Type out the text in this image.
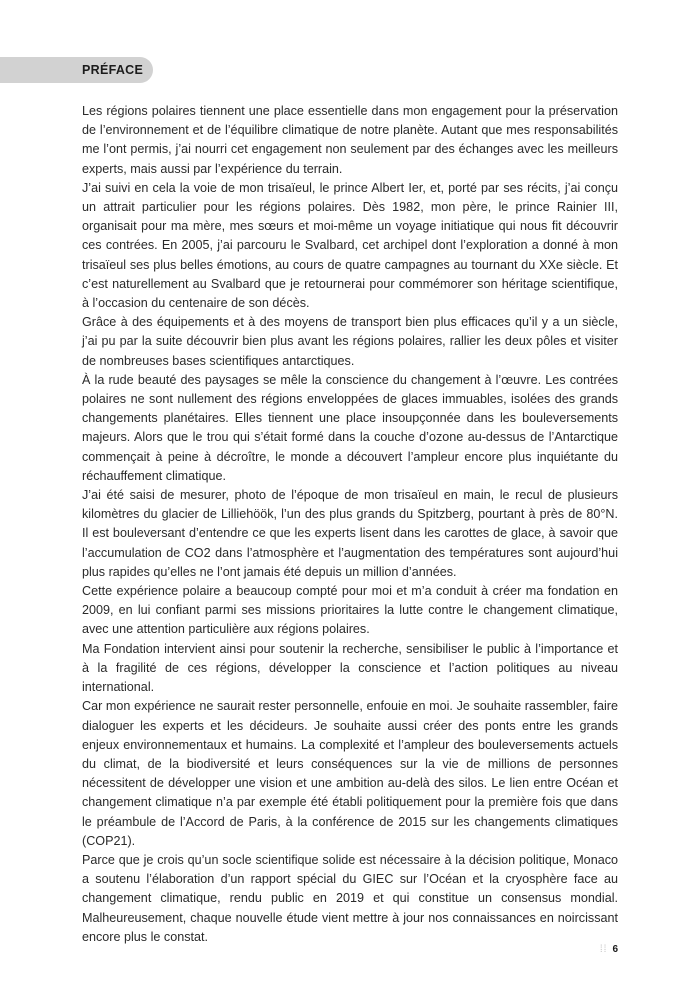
PRÉFACE

Les régions polaires tiennent une place essentielle dans mon engagement pour la préservation de l’environnement et de l’équilibre climatique de notre planète. Autant que mes responsabilités me l’ont permis, j’ai nourri cet engagement non seulement par des échanges avec les meilleurs experts, mais aussi par l’expérience du terrain.

J’ai suivi en cela la voie de mon trisaïeul, le prince Albert Ier, et, porté par ses récits, j’ai conçu un attrait particulier pour les régions polaires. Dès 1982, mon père, le prince Rainier III, organisait pour ma mère, mes sœurs et moi-même un voyage initiatique qui nous fit découvrir ces contrées. En 2005, j’ai parcouru le Svalbard, cet archipel dont l’exploration a donné à mon trisaïeul ses plus belles émotions, au cours de quatre campagnes au tournant du XXe siècle. Et c’est naturellement au Svalbard que je retournerai pour commémorer son héritage scientifique, à l’occasion du centenaire de son décès.

Grâce à des équipements et à des moyens de transport bien plus efficaces qu’il y a un siècle, j’ai pu par la suite découvrir bien plus avant les régions polaires, rallier les deux pôles et visiter de nombreuses bases scientifiques antarctiques.

À la rude beauté des paysages se mêle la conscience du changement à l’œuvre. Les contrées polaires ne sont nullement des régions enveloppées de glaces immuables, isolées des grands changements planétaires. Elles tiennent une place insoupçonnée dans les bouleversements majeurs. Alors que le trou qui s’était formé dans la couche d’ozone au-dessus de l’Antarctique commençait à peine à décroître, le monde a découvert l’ampleur encore plus inquiétante du réchauffement climatique.

J’ai été saisi de mesurer, photo de l’époque de mon trisaïeul en main, le recul de plusieurs kilomètres du glacier de Lilliehöök, l’un des plus grands du Spitzberg, pourtant à près de 80°N. Il est bouleversant d’entendre ce que les experts lisent dans les carottes de glace, à savoir que l’accumulation de CO2 dans l’atmosphère et l’augmentation des températures sont aujourd’hui plus rapides qu’elles ne l’ont jamais été depuis un million d’années.

Cette expérience polaire a beaucoup compté pour moi et m’a conduit à créer ma fondation en 2009, en lui confiant parmi ses missions prioritaires la lutte contre le changement climatique, avec une attention particulière aux régions polaires.

Ma Fondation intervient ainsi pour soutenir la recherche, sensibiliser le public à l’importance et à la fragilité de ces régions, développer la conscience et l’action politiques au niveau international.

Car mon expérience ne saurait rester personnelle, enfouie en moi. Je souhaite rassembler, faire dialoguer les experts et les décideurs. Je souhaite aussi créer des ponts entre les grands enjeux environnementaux et humains. La complexité et l’ampleur des bouleversements actuels du climat, de la biodiversité et leurs conséquences sur la vie de millions de personnes nécessitent de développer une vision et une ambition au-delà des silos. Le lien entre Océan et changement climatique n’a par exemple été établi politiquement pour la première fois que dans le préambule de l’Accord de Paris, à la conférence de 2015 sur les changements climatiques (COP21).

Parce que je crois qu’un socle scientifique solide est nécessaire à la décision politique, Monaco a soutenu l’élaboration d’un rapport spécial du GIEC sur l’Océan et la cryosphère face au changement climatique, rendu public en 2019 et qui constitue un consensus mondial. Malheureusement, chaque nouvelle étude vient mettre à jour nos connaissances en noircissant encore plus le constat.

⁞⁞ 6
